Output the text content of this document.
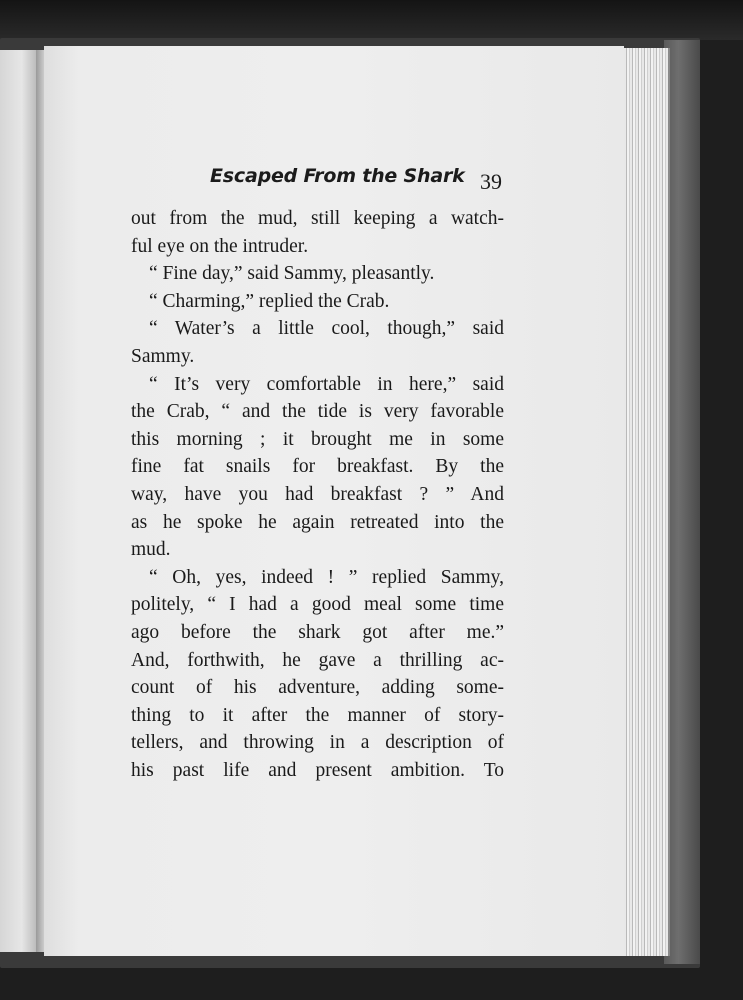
Escaped From the Shark 39
out from the mud, still keeping a watch-
ful eye on the intruder.
“ Fine day,” said Sammy, pleasantly.
“ Charming,” replied the Crab.
“ Water’s a little cool, though,” said
Sammy.
“ It’s very comfortable in here,” said
the Crab, “ and the tide is very favorable
this morning ; it brought me in some
fine fat snails for breakfast. By the
way, have you had breakfast ? ” And
as he spoke he again retreated into the
mud.
“ Oh, yes, indeed ! ” replied Sammy,
politely, “ I had a good meal some time
ago before the shark got after me.”
And, forthwith, he gave a thrilling ac-
count of his adventure, adding some-
thing to it after the manner of story-
tellers, and throwing in a description of
his past life and present ambition. To
